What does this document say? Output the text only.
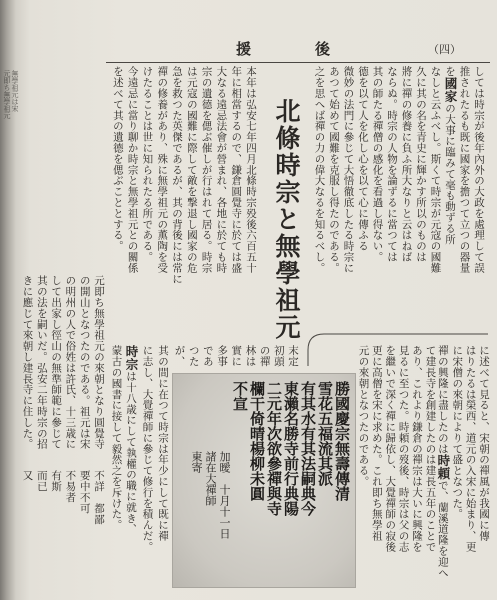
元即ち無學祖元 無學祖元は宋
援	後	（四）
北條時宗と無學祖元	しては時宗が後年內外の大政を處理して誤
推されたるも既に國家を擔つて立つの器量
を國家の大事に臨みて毫も動ずる所
なしと云ふべし。斯くて時宗が元寇の國難
久に其の名を青史に輝かす所以のものは
將に禪の修養に負ふ所大なりと云はねば
ならぬ。時宗の人物を論ずるに當つては
其の師たる禪僧の感化を看過し得ない。
德を以て人を化し心を以て心に傳ふる
微妙の法門に參じて大悟徹底したる時宗に
あつて始めて國難を克服し得たのである。
之を思へば禪の力の偉大なるを知るべし。
本年は弘安七年四月北條時宗殁後六百五十
年に相當するので、鎌倉圓覺寺に於ては盛
大なる遠忌法會が營まれ、各地に於ても時
宗の遺德を偲ぶ催しが行はれて居る。時宗
は元寇の國難に際して敵を撃退し國家の危
急を救つた英傑であるが、其の背後には常に
禪の修養があり、殊に無學祖元の薫陶を受
けたることは世に知られたる所である。
今遠忌に當り聊か時宗と無學祖元との關係
を述べて其の遺德を偲ぶこととする。
に述べて見ると、宋朝の禪風が我國に傳
はりたるは榮西、道元の入宋に始まり、更
に宋僧の來朝によりて盛となつた。
禪の興隆に盡したのは時頼で、蘭溪道隆を迎へ
て建長寺を創建したのは建長五年のことで
あり、これより鎌倉の禪宗は大いに興隆を
見るに至つた。時頼の歿後、時宗は父の志
を繼いで深く禪に歸依し、大覺禪師の寂後
更に高僧を宋に求めた。これ即ち無學祖
元の來朝となつたのである。
末定
初頭
の禪
林は
實に
多事
であ
つた
が、
其の間に在つて時宗は年少にして既に禪
に志し、大覺禪師に參じて修行を積んだ。
時宗は十八歳にして執權の職に就き、
蒙古の國書に接して毅然之を斥けた。
元即ち無學祖元の來朝となり圓覺寺
の開山となつたのである。祖元は宋
の明州の人で俗姓は許氏、十三歳に
して出家し徑山の無準師範に參じて
其の法を嗣いだ。弘安二年時宗の招
きに應じて來朝し建長寺に住した。
不詳　都鄙
要中不可
不易者
有斯
而已
又	勝國慶宗無壽傳清
雪花五福流其派
有其水有其法嗣典今
東瀨名勝寺前行典陽
二元年次欲參禪與寺
欄干倚晴楊柳未圓
不宣
加曖　十月十一日
諸在大禪師
東寄
